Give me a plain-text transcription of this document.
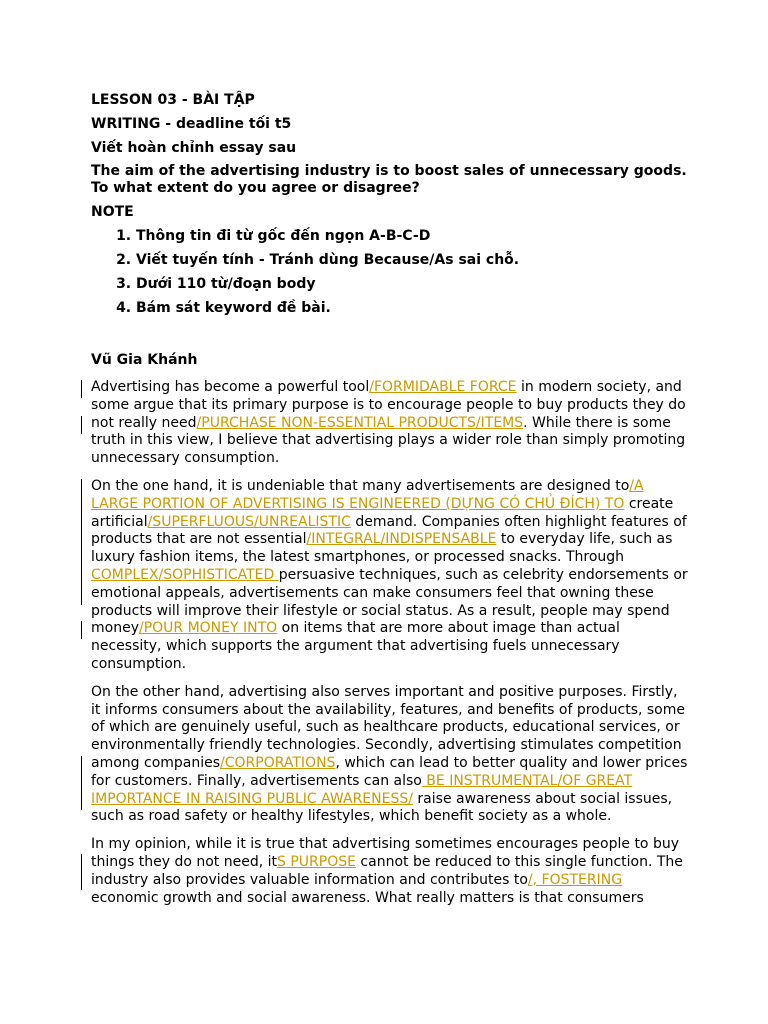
LESSON 03 - BÀI TẬP
WRITING - deadline tối t5
Viết hoàn chỉnh essay sau
The aim of the advertising industry is to boost sales of unnecessary goods. To what extent do you agree or disagree?
NOTE
1. Thông tin đi từ gốc đến ngọn A-B-C-D
2. Viết tuyến tính - Tránh dùng Because/As sai chỗ.
3. Dưới 110 từ/đoạn body
4. Bám sát keyword đề bài.
Vũ Gia Khánh

Advertising has become a powerful tool/FORMIDABLE FORCE in modern society, and some argue that its primary purpose is to encourage people to buy products they do not really need/PURCHASE NON-ESSENTIAL PRODUCTS/ITEMS. While there is some truth in this view, I believe that advertising plays a wider role than simply promoting unnecessary consumption.

On the one hand, it is undeniable that many advertisements are designed to/A LARGE PORTION OF ADVERTISING IS ENGINEERED (DỰNG CÓ CHỦ ĐÍCH) TO create artificial/SUPERFLUOUS/UNREALISTIC demand. Companies often highlight features of products that are not essential/INTEGRAL/INDISPENSABLE to everyday life, such as luxury fashion items, the latest smartphones, or processed snacks. Through COMPLEX/SOPHISTICATED persuasive techniques, such as celebrity endorsements or emotional appeals, advertisements can make consumers feel that owning these products will improve their lifestyle or social status. As a result, people may spend money/POUR MONEY INTO on items that are more about image than actual necessity, which supports the argument that advertising fuels unnecessary consumption.

On the other hand, advertising also serves important and positive purposes. Firstly, it informs consumers about the availability, features, and benefits of products, some of which are genuinely useful, such as healthcare products, educational services, or environmentally friendly technologies. Secondly, advertising stimulates competition among companies/CORPORATIONS, which can lead to better quality and lower prices for customers. Finally, advertisements can also BE INSTRUMENTAL/OF GREAT IMPORTANCE IN RAISING PUBLIC AWARENESS/ raise awareness about social issues, such as road safety or healthy lifestyles, which benefit society as a whole.

In my opinion, while it is true that advertising sometimes encourages people to buy things they do not need, itS PURPOSE cannot be reduced to this single function. The industry also provides valuable information and contributes to/, FOSTERING economic growth and social awareness. What really matters is that consumers
